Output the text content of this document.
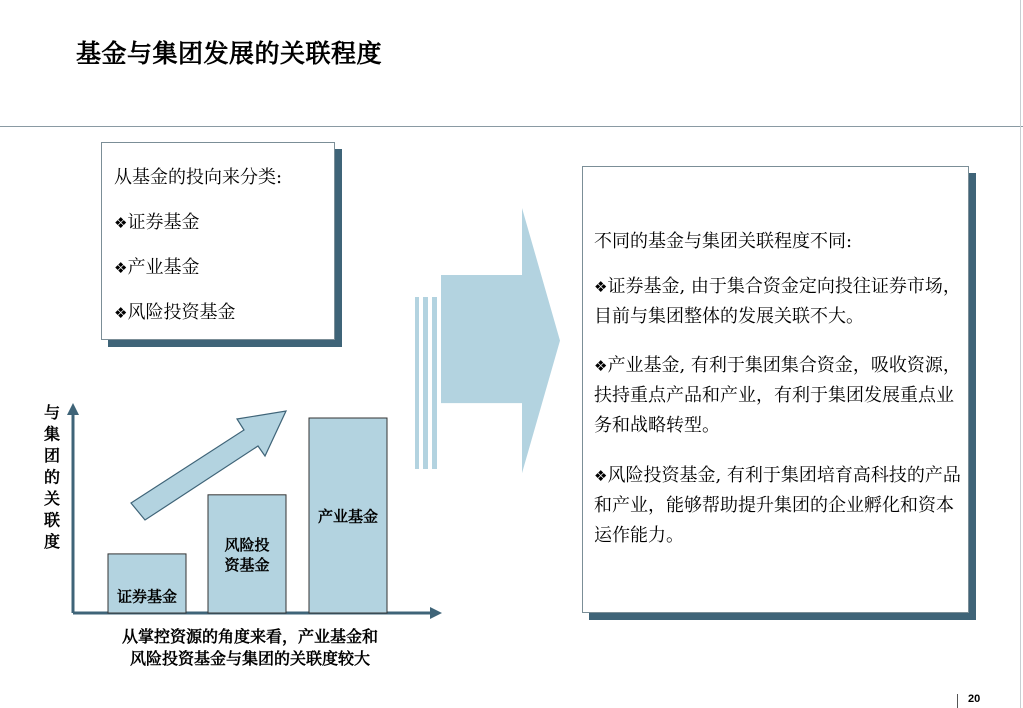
基金与集团发展的关联程度
从基金的投向来分类:
❖证券基金
❖产业基金
❖风险投资基金
与
集
团
的
关
联
度
证券基金
风险投
资基金
产业基金
从掌控资源的角度来看，产业基金和
风险投资基金与集团的关联度较大
不同的基金与集团关联程度不同:
❖证券基金, 由于集合资金定向投往证券市场，目前与集团整体的发展关联不大。
❖产业基金, 有利于集团集合资金，吸收资源，扶持重点产品和产业，有利于集团发展重点业务和战略转型。
❖风险投资基金, 有利于集团培育高科技的产品和产业，能够帮助提升集团的企业孵化和资本运作能力。
20
